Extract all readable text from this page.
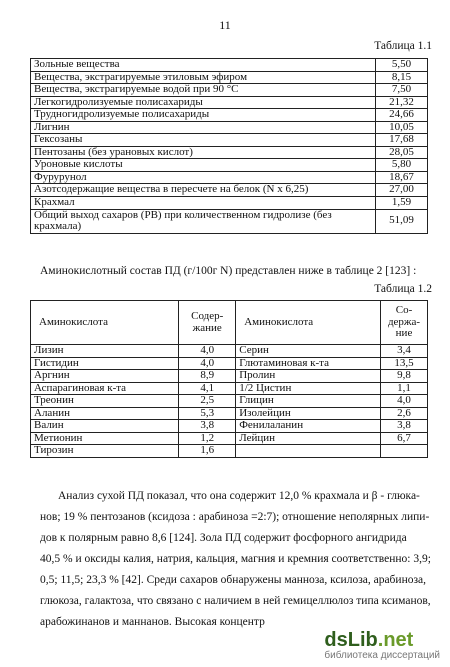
11
Таблица 1.1
Зольные вещества	5,50
Вещества, экстрагируемые этиловым эфиром	8,15
Вещества, экстрагируемые водой при 90 °С	7,50
Легкогидролизуемые полисахариды	21,32
Трудногидролизуемые полисахариды	24,66
Лигнин	10,05
Гексозаны	17,68
Пентозаны (без урановых кислот)	28,05
Уроновые кислоты	5,80
Фурурунол	18,67
Азотсодержащие вещества в пересчете на белок (N x 6,25)	27,00
Крахмал	1,59
Общий выход сахаров (РВ) при количественном гидролизе (без крахмала)	51,09
Аминокислотный состав ПД (г/100г N) представлен ниже в таблице 2 [123] :
Таблица 1.2
Аминокислота	Содер-жание	Аминокислота	Со-держа-ние
Лизин	4,0	Серин	3,4
Гистидин	4,0	Глютаминовая к-та	13,5
Аргнин	8,9	Пролин	9,8
Аспарагиновая к-та	4,1	1/2 Цистин	1,1
Треонин	2,5	Глицин	4,0
Аланин	5,3	Изолейцин	2,6
Валин	3,8	Фенилаланин	3,8
Метионин	1,2	Лейцин	6,7
Тирозин	1,6		

Анализ сухой ПД показал, что она содержит 12,0 % крахмала и β - глюка-

нов; 19 % пентозанов (ксидоза : арабиноза =2:7); отношение неполярных липи-

дов к полярным равно 8,6 [124]. Зола ПД содержит фосфорного ангидрида

40,5 % и оксиды калия, натрия, кальция, магния и кремния соответственно: 3,9;

0,5; 11,5; 23,3 % [42]. Среди сахаров обнаружены манноза, ксилоза, арабиноза,

глюкоза, галактоза, что связано с наличием в ней гемицеллюлоз типа ксиманов,

арабожинанов и маннанов. Высокая концентр

dsLib.net
библиотека диссертаций
